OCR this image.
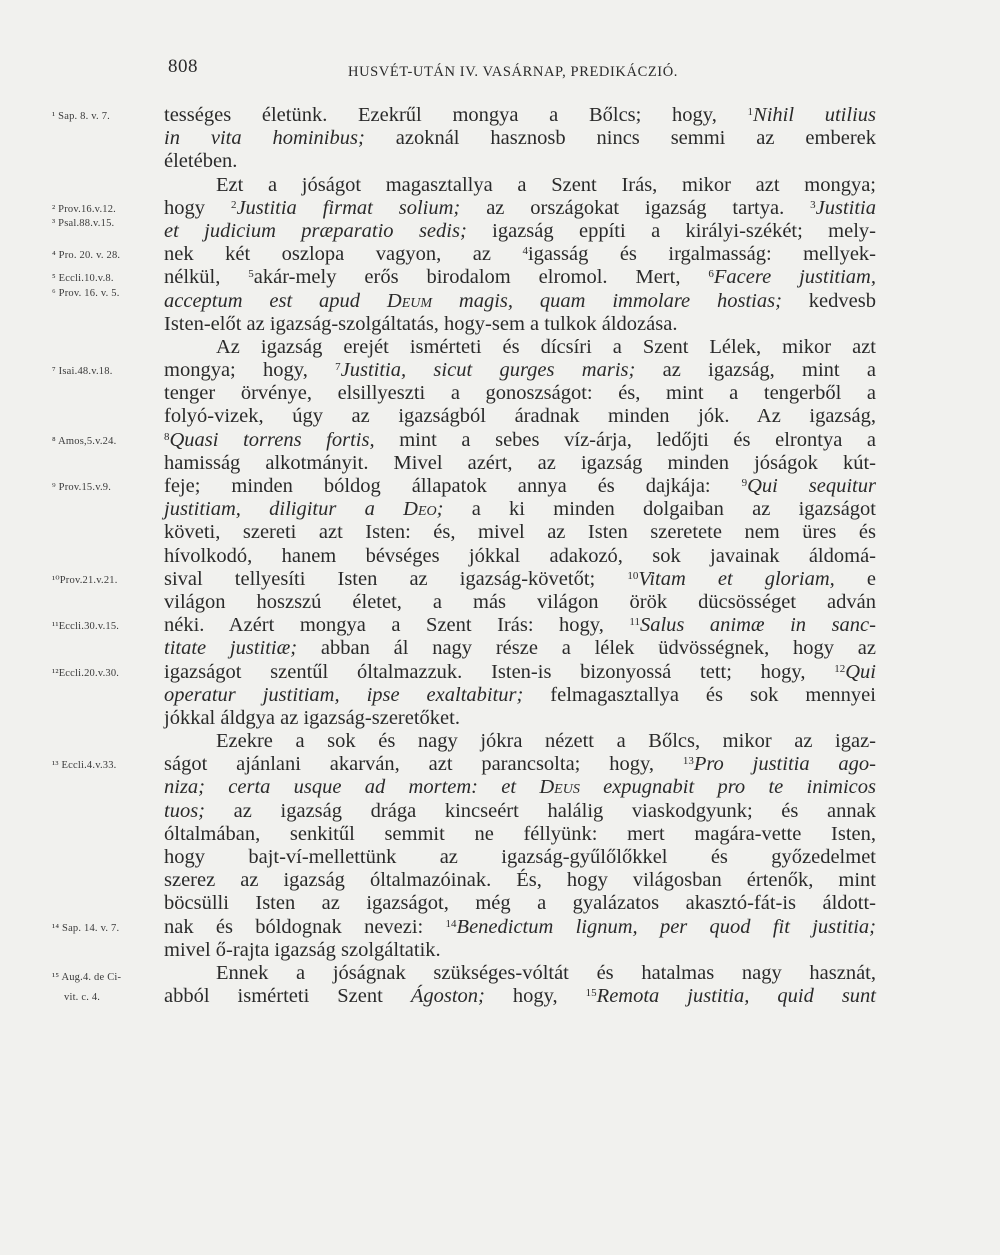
808	HUSVÉT-UTÁN IV. VASÁRNAP, PREDIKÁCZIÓ.
¹ Sap. 8. v. 7.	tességes életünk. Ezekrűl mongya a Bőlcs; hogy, $^1$Nihil utilius
in vita hominibus; azoknál hasznosb nincs semmi az emberek
életében.
Ezt a jóságot magasztallya a Szent Irás, mikor azt mongya;
² Prov.16.v.12.	hogy $^2$Justitia firmat solium; az országokat igazság tartya. $^3$Justitia
³ Psal.88.v.15.	et judicium præparatio sedis; igazság eppíti a királyi-székét; mely-
⁴ Pro. 20. v. 28.	nek két oszlopa vagyon, az $^4$igasság és irgalmasság: mellyek-
⁵ Eccli.10.v.8.	nélkül, $^5$akár-mely erős birodalom elromol. Mert, $^6$Facere justitiam,
⁶ Prov. 16. v. 5.	acceptum est apud Deum magis, quam immolare hostias; kedvesb
Isten-előt az igazság-szolgáltatás, hogy-sem a tulkok áldozása.
Az igazság erejét ismérteti és dícsíri a Szent Lélek, mikor azt
⁷ Isai.48.v.18.	mongya; hogy, $^7$Justitia, sicut gurges maris; az igazság, mint a
tenger örvénye, elsillyeszti a gonoszságot: és, mint a tengerből a
folyó-vizek, úgy az igazságból áradnak minden jók. Az igazság,
⁸ Amos,5.v.24.	$^8$Quasi torrens fortis, mint a sebes víz-árja, ledőjti és elrontya a
hamisság alkotmányit. Mivel azért, az igazság minden jóságok kút-
⁹ Prov.15.v.9.	feje; minden bóldog állapatok annya és dajkája: $^9$Qui sequitur
justitiam, diligitur a Deo; a ki minden dolgaiban az igazságot
követi, szereti azt Isten: és, mivel az Isten szeretete nem üres és
hívolkodó, hanem bévséges jókkal adakozó, sok javainak áldomá-
¹⁰Prov.21.v.21.	sival tellyesíti Isten az igazság-követőt; $^{10}$Vitam et gloriam, e
világon hoszszú életet, a más világon örök dücsösséget adván
¹¹Eccli.30.v.15.	néki. Azért mongya a Szent Irás: hogy, $^{11}$Salus animæ in sanc-
titate justitiæ; abban ál nagy része a lélek üdvösségnek, hogy az
¹²Eccli.20.v.30.	igazságot szentűl óltalmazzuk. Isten-is bizonyossá tett; hogy, $^{12}$Qui
operatur justitiam, ipse exaltabitur; felmagasztallya és sok mennyei
jókkal áldgya az igazság-szeretőket.
Ezekre a sok és nagy jókra nézett a Bőlcs, mikor az igaz-
¹³ Eccli.4.v.33.	ságot ajánlani akarván, azt parancsolta; hogy, $^{13}$Pro justitia ago-
niza; certa usque ad mortem: et Deus expugnabit pro te inimicos
tuos; az igazság drága kincseért halálig viaskodgyunk; és annak
óltalmában, senkitűl semmit ne féllyünk: mert magára-vette Isten,
hogy bajt-ví-mellettünk az igazság-gyűlőlőkkel és győzedelmet
szerez az igazság óltalmazóinak. És, hogy világosban értenők, mint
böcsülli Isten az igazságot, még a gyalázatos akasztó-fát-is áldott-
¹⁴ Sap. 14. v. 7.	nak és bóldognak nevezi: $^{14}$Benedictum lignum, per quod fit justitia;
mivel ő-rajta igazság szolgáltatik.
¹⁵ Aug.4. de Ci-	Ennek a jóságnak szükséges-vóltát és hatalmas nagy hasznát,
vit. c. 4.	abból ismérteti Szent Ágoston; hogy, $^{15}$Remota justitia, quid sunt
